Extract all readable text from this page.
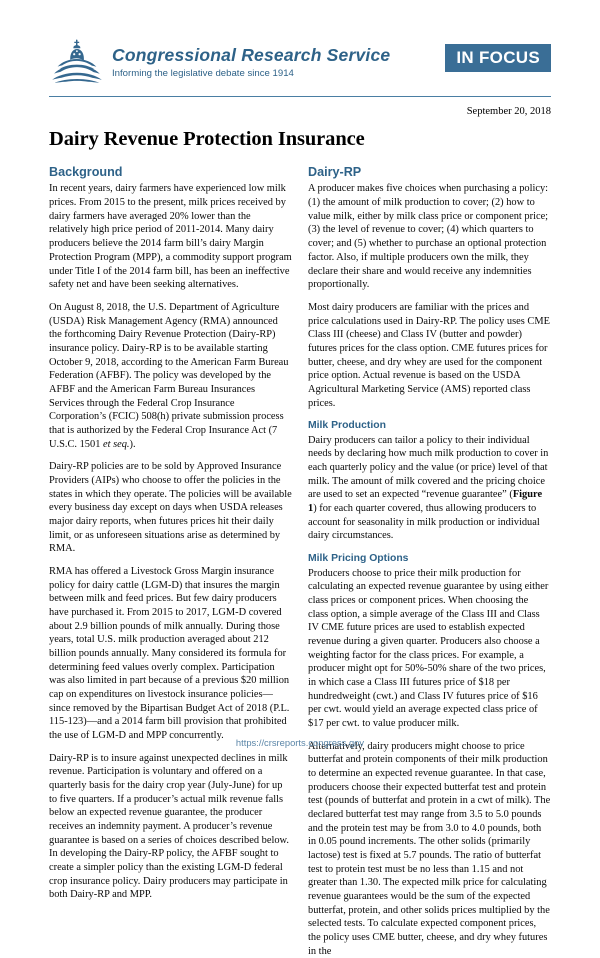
Congressional Research Service
Informing the legislative debate since 1914
IN FOCUS
September 20, 2018
Dairy Revenue Protection Insurance
Background

In recent years, dairy farmers have experienced low milk prices. From 2015 to the present, milk prices received by dairy farmers have averaged 20% lower than the relatively high price period of 2011-2014. Many dairy producers believe the 2014 farm bill’s dairy Margin Protection Program (MPP), a commodity support program under Title I of the 2014 farm bill, has been an ineffective safety net and have been seeking alternatives.

On August 8, 2018, the U.S. Department of Agriculture (USDA) Risk Management Agency (RMA) announced the forthcoming Dairy Revenue Protection (Dairy-RP) insurance policy. Dairy-RP is to be available starting October 9, 2018, according to the American Farm Bureau Federation (AFBF). The policy was developed by the AFBF and the American Farm Bureau Insurances Services through the Federal Crop Insurance Corporation’s (FCIC) 508(h) private submission process that is authorized by the Federal Crop Insurance Act (7 U.S.C. 1501 et seq.).

Dairy-RP policies are to be sold by Approved Insurance Providers (AIPs) who choose to offer the policies in the states in which they operate. The policies will be available every business day except on days when USDA releases major dairy reports, when futures prices hit their daily limit, or as unforeseen situations arise as determined by RMA.

RMA has offered a Livestock Gross Margin insurance policy for dairy cattle (LGM-D) that insures the margin between milk and feed prices. But few dairy producers have purchased it. From 2015 to 2017, LGM-D covered about 2.9 billion pounds of milk annually. During those years, total U.S. milk production averaged about 212 billion pounds annually. Many considered its formula for determining feed values overly complex. Participation was also limited in part because of a previous $20 million cap on expenditures on livestock insurance policies—since removed by the Bipartisan Budget Act of 2018 (P.L. 115-123)—and a 2014 farm bill provision that prohibited the use of LGM-D and MPP concurrently.

Dairy-RP is to insure against unexpected declines in milk revenue. Participation is voluntary and offered on a quarterly basis for the dairy crop year (July-June) for up to five quarters. If a producer’s actual milk revenue falls below an expected revenue guarantee, the producer receives an indemnity payment. A producer’s revenue guarantee is based on a series of choices described below. In developing the Dairy-RP policy, the AFBF sought to create a simpler policy than the existing LGM-D federal crop insurance policy. Dairy producers may participate in both Dairy-RP and MPP.

Dairy-RP

A producer makes five choices when purchasing a policy: (1) the amount of milk production to cover; (2) how to value milk, either by milk class price or component price; (3) the level of revenue to cover; (4) which quarters to cover; and (5) whether to purchase an optional protection factor. Also, if multiple producers own the milk, they declare their share and would receive any indemnities proportionally.

Most dairy producers are familiar with the prices and price calculations used in Dairy-RP. The policy uses CME Class III (cheese) and Class IV (butter and powder) futures prices for the class option. CME futures prices for butter, cheese, and dry whey are used for the component price option. Actual revenue is based on the USDA Agricultural Marketing Service (AMS) reported class prices.

Milk Production

Dairy producers can tailor a policy to their individual needs by declaring how much milk production to cover in each quarterly policy and the value (or price) level of that milk. The amount of milk covered and the pricing choice are used to set an expected “revenue guarantee” (Figure 1) for each quarter covered, thus allowing producers to account for seasonality in milk production or individual dairy circumstances.

Milk Pricing Options

Producers choose to price their milk production for calculating an expected revenue guarantee by using either class prices or component prices. When choosing the class option, a simple average of the Class III and Class IV CME future prices are used to establish expected revenue during a given quarter. Producers also choose a weighting factor for the class prices. For example, a producer might opt for 50%-50% share of the two prices, in which case a Class III futures price of $18 per hundredweight (cwt.) and Class IV futures price of $16 per cwt. would yield an average expected class price of $17 per cwt. to value producer milk.

Alternatively, dairy producers might choose to price butterfat and protein components of their milk production to determine an expected revenue guarantee. In that case, producers choose their expected butterfat test and protein test (pounds of butterfat and protein in a cwt of milk). The declared butterfat test may range from 3.5 to 5.0 pounds and the protein test may be from 3.0 to 4.0 pounds, both in 0.05 pound increments. The other solids (primarily lactose) test is fixed at 5.7 pounds. The ratio of butterfat test to protein test must be no less than 1.15 and not greater than 1.30. The expected milk price for calculating revenue guarantees would be the sum of the expected butterfat, protein, and other solids prices multiplied by the selected tests. To calculate expected component prices, the policy uses CME butter, cheese, and dry whey futures in the

https://crsreports.congress.gov
